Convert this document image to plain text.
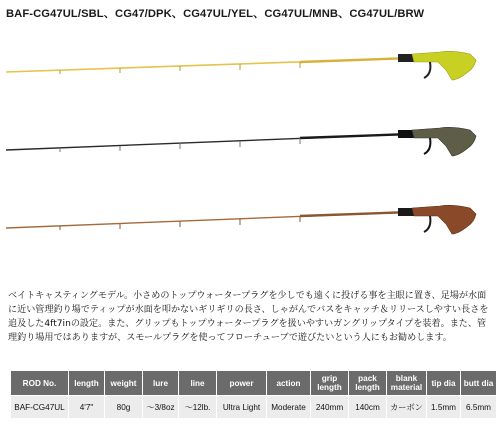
BAF-CG47UL/SBL、CG47/DPK、CG47UL/YEL、CG47UL/MNB、CG47UL/BRW
ベイトキャスティングモデル。小さめのトップウォータープラグを少しでも遠くに投げる事を主眼に置き、足場が水面に近い管理釣り場でティップが水面を叩かないギリギリの長さ、しゃがんでバスをキャッチ＆リリースしやすい長さを追及した4ft7inの設定。また、グリップもトップウォータープラグを扱いやすいガングリップタイプを装着。また、管理釣り場用ではありますが、スモールプラグを使ってフローチューブで遊びたいという人にもお勧めします。
ROD No.	length	weight	lure	line	power	action	grip length	pack length	blank material	tip dia	butt dia
BAF-CG47UL	4'7"	80g	～3/8oz	～12lb.	Ultra Light	Moderate	240mm	140cm	カーボン	1.5mm	6.5mm
